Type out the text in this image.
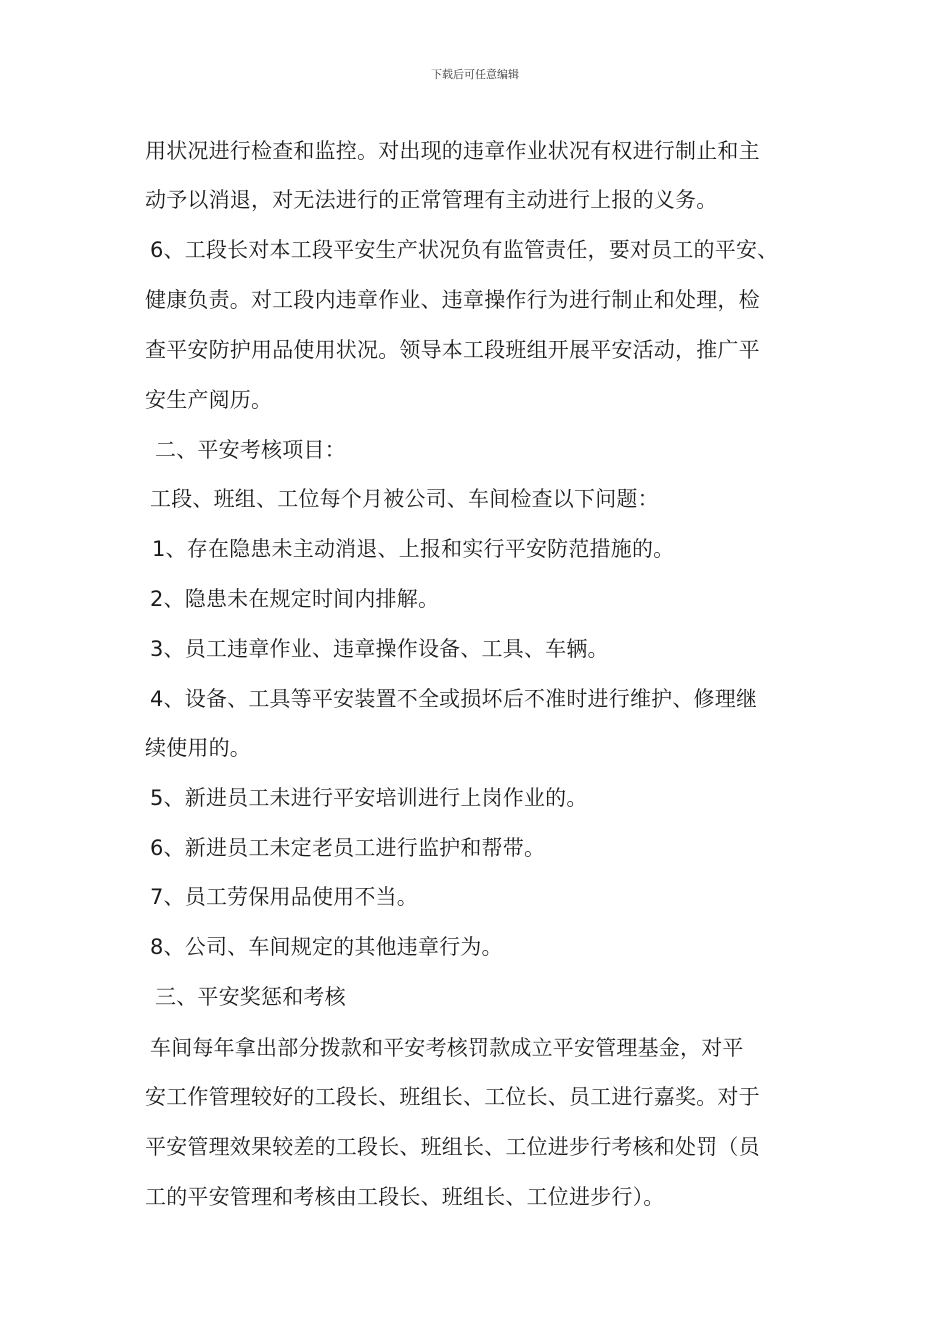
下载后可任意编辑
用状况进行检查和监控。对出现的违章作业状况有权进行制止和主
动予以消退，对无法进行的正常管理有主动进行上报的义务。
6、工段长对本工段平安生产状况负有监管责任，要对员工的平安、
健康负责。对工段内违章作业、违章操作行为进行制止和处理，检
查平安防护用品使用状况。领导本工段班组开展平安活动，推广平
安生产阅历。
二、平安考核项目：
工段、班组、工位每个月被公司、车间检查以下问题：
1、存在隐患未主动消退、上报和实行平安防范措施的。
2、隐患未在规定时间内排解。
3、员工违章作业、违章操作设备、工具、车辆。
4、设备、工具等平安装置不全或损坏后不准时进行维护、修理继
续使用的。
5、新进员工未进行平安培训进行上岗作业的。
6、新进员工未定老员工进行监护和帮带。
7、员工劳保用品使用不当。
8、公司、车间规定的其他违章行为。
三、平安奖惩和考核
车间每年拿出部分拨款和平安考核罚款成立平安管理基金，对平
安工作管理较好的工段长、班组长、工位长、员工进行嘉奖。对于
平安管理效果较差的工段长、班组长、工位进步行考核和处罚（员
工的平安管理和考核由工段长、班组长、工位进步行）。
